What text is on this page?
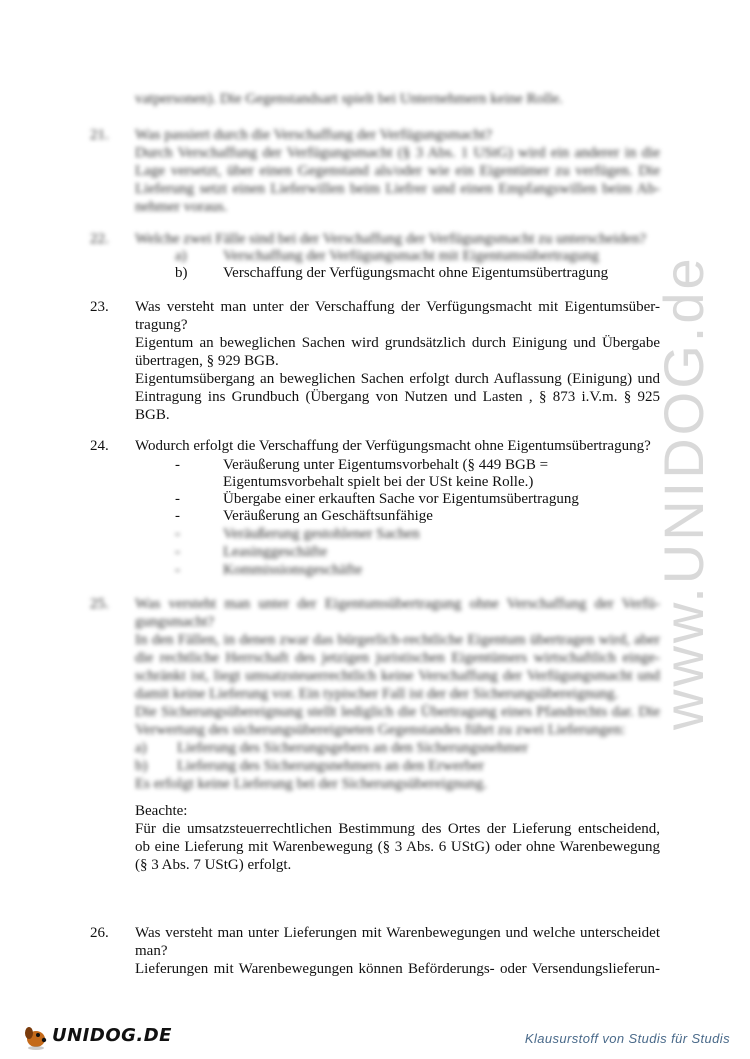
vatpersonen). Die Gegenstandsart spielt bei Unternehmern keine Rolle.
21. Was passiert durch die Verschaffung der Verfügungsmacht?
Durch Verschaffung der Verfügungsmacht (§ 3 Abs. 1 UStG) wird ein anderer in die
Lage versetzt, über einen Gegenstand als/oder wie ein Eigentümer zu verfügen. Die
Lieferung setzt einen Lieferwillen beim Liefrer und einen Empfangswillen beim Ab-
nehmer voraus.
22. Welche zwei Fälle sind bei der Verschaffung der Verfügungsmacht zu unterscheiden?
a) Verschaffung der Verfügungsmacht mit Eigentumsübertragung
b) Verschaffung der Verfügungsmacht ohne Eigentumsübertragung
23. Was versteht man unter der Verschaffung der Verfügungsmacht mit Eigentumsüber-
tragung?
Eigentum an beweglichen Sachen wird grundsätzlich durch Einigung und Übergabe
übertragen, § 929 BGB.
Eigentumsübergang an beweglichen Sachen erfolgt durch Auflassung (Einigung) und
Eintragung ins Grundbuch (Übergang von Nutzen und Lasten , § 873 i.V.m. § 925
BGB.
24. Wodurch erfolgt die Verschaffung der Verfügungsmacht ohne Eigentumsübertragung?
-	Veräußerung unter Eigentumsvorbehalt (§ 449 BGB =
Eigentumsvorbehalt spielt bei der USt keine Rolle.)
-	Übergabe einer erkauften Sache vor Eigentumsübertragung
-	Veräußerung an Geschäftsunfähige
-	Veräußerung gestohlener Sachen
-	Leasinggeschäfte
-	Kommissionsgeschäfte
25. Was versteht man unter der Eigentumsübertragung ohne Verschaffung der Verfü-
gungsmacht?
In den Fällen, in denen zwar das bürgerlich-rechtliche Eigentum übertragen wird, aber
die rechtliche Herrschaft des jetzigen juristischen Eigentümers wirtschaftlich einge-
schränkt ist, liegt umsatzsteuerrechtlich keine Verschaffung der Verfügungsmacht und
damit keine Lieferung vor. Ein typischer Fall ist der der Sicherungsübereignung.
Die Sicherungsübereignung stellt lediglich die Übertragung eines Pfandrechts dar. Die
Verwertung des sicherungsübereigneten Gegenstandes führt zu zwei Lieferungen:
a) Lieferung des Sicherungsgebers an den Sicherungsnehmer
b) Lieferung des Sicherungsnehmers an den Erwerber
Es erfolgt keine Lieferung bei der Sicherungsübereignung.
Beachte:
Für die umsatzsteuerrechtlichen Bestimmung des Ortes der Lieferung entscheidend,
ob eine Lieferung mit Warenbewegung (§ 3 Abs. 6 UStG) oder ohne Warenbewegung
(§ 3 Abs. 7 UStG) erfolgt.
26. Was versteht man unter Lieferungen mit Warenbewegungen und welche unterscheidet
man?
Lieferungen mit Warenbewegungen können Beförderungs- oder Versendungslieferun-
www.UNIDOG.de
UNIDOG.DE	Klausurstoff von Studis für Studis
